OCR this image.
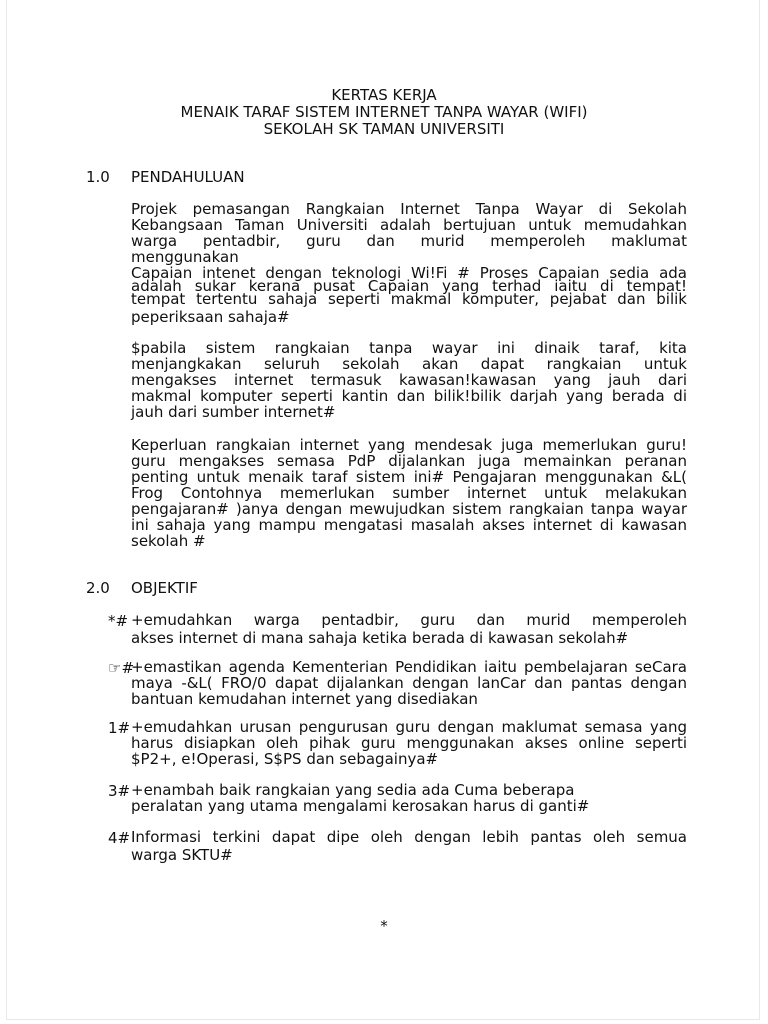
KERTAS KERJA
MENAIK TARAF SISTEM INTERNET TANPA WAYAR (WIFI)
SEKOLAH SK TAMAN UNIVERSITI
1.0 PENDAHULUAN
Projek pemasangan Rangkaian Internet Tanpa Wayar di Sekolah
Kebangsaan Taman Universiti adalah bertujuan untuk memudahkan
warga pentadbir, guru dan murid memperoleh maklumat
menggunakan
Capaian intenet dengan teknologi Wi!Fi # Proses Capaian sedia ada
adalah sukar kerana pusat Capaian yang terhad iaitu di tempat!
tempat tertentu sahaja seperti makmal komputer, pejabat dan bilik
peperiksaan sahaja#
$pabila sistem rangkaian tanpa wayar ini dinaik taraf, kita
menjangkakan seluruh sekolah akan dapat rangkaian untuk
mengakses internet termasuk kawasan!kawasan yang jauh dari
makmal komputer seperti kantin dan bilik!bilik darjah yang berada di
jauh dari sumber internet#
Keperluan rangkaian internet yang mendesak juga memerlukan guru!
guru mengakses semasa PdP dijalankan juga memainkan peranan
penting untuk menaik taraf sistem ini# Pengajaran menggunakan &L(
Frog Contohnya memerlukan sumber internet untuk melakukan
pengajaran# )anya dengan mewujudkan sistem rangkaian tanpa wayar
ini sahaja yang mampu mengatasi masalah akses internet di kawasan
sekolah #
2.0 OBJEKTIF
*# +emudahkan warga pentadbir, guru dan murid memperoleh
akses internet di mana sahaja ketika berada di kawasan sekolah#
☞#
+emastikan agenda Kementerian Pendidikan iaitu pembelajaran seCara
maya -&L( FRO/0 dapat dijalankan dengan lanCar dan pantas dengan
bantuan kemudahan internet yang disediakan
1# +emudahkan urusan pengurusan guru dengan maklumat semasa yang
harus disiapkan oleh pihak guru menggunakan akses online seperti
$P2+, e!Operasi, S$PS dan sebagainya#
3# +enambah baik rangkaian yang sedia ada Cuma beberapa
peralatan yang utama mengalami kerosakan harus di ganti#
4# Informasi terkini dapat dipe oleh dengan lebih pantas oleh semua
warga SKTU#
*
